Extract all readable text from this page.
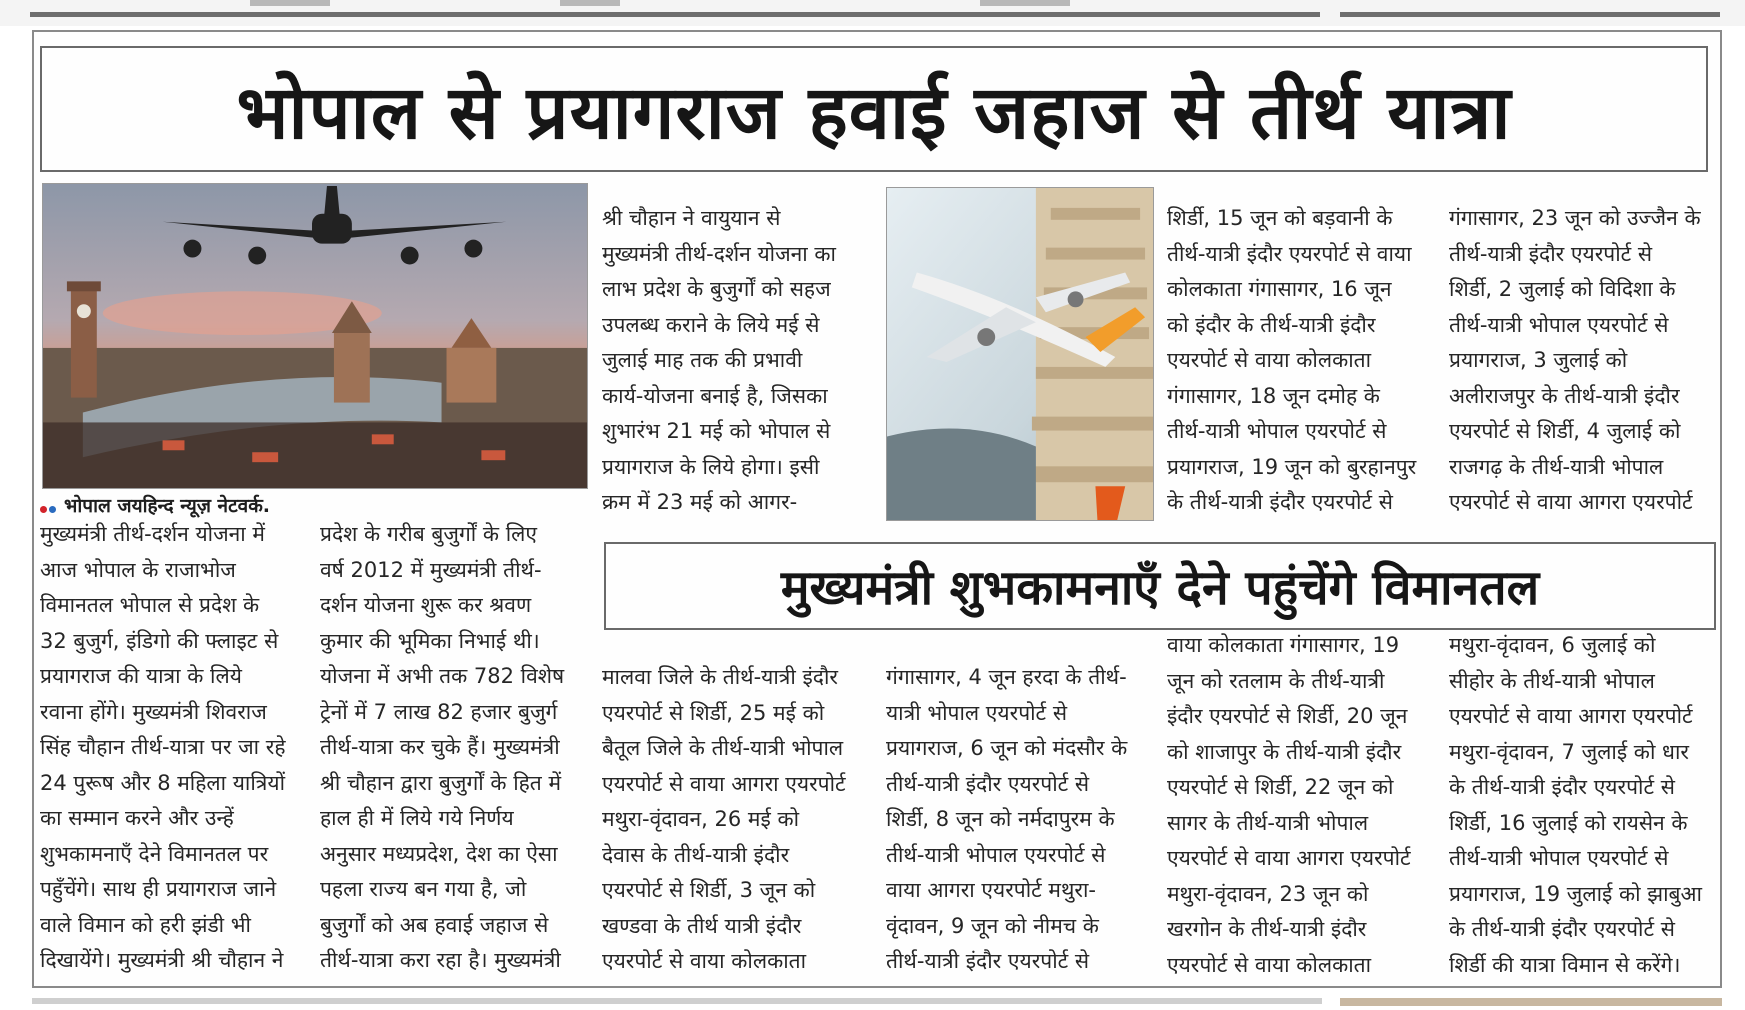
भोपाल से प्रयागराज हवाई जहाज से तीर्थ यात्रा
भोपाल जयहिन्द न्यूज़ नेटवर्क.
मुख्यमंत्री शुभकामनाएँ देने पहुंचेंगे विमानतल

मुख्यमंत्री तीर्थ-दर्शन योजना में

आज भोपाल के राजाभोज

विमानतल भोपाल से प्रदेश के

32 बुजुर्ग, इंडिगो की फ्लाइट से

प्रयागराज की यात्रा के लिये

रवाना होंगे। मुख्यमंत्री शिवराज

सिंह चौहान तीर्थ-यात्रा पर जा रहे

24 पुरूष और 8 महिला यात्रियों

का सम्मान करने और उन्हें

शुभकामनाएँ देने विमानतल पर

पहुँचेंगे। साथ ही प्रयागराज जाने

वाले विमान को हरी झंडी भी

दिखायेंगे। मुख्यमंत्री श्री चौहान ने

प्रदेश के गरीब बुजुर्गों के लिए

वर्ष 2012 में मुख्यमंत्री तीर्थ-

दर्शन योजना शुरू कर श्रवण

कुमार की भूमिका निभाई थी।

योजना में अभी तक 782 विशेष

ट्रेनों में 7 लाख 82 हजार बुजुर्ग

तीर्थ-यात्रा कर चुके हैं। मुख्यमंत्री

श्री चौहान द्वारा बुजुर्गों के हित में

हाल ही में लिये गये निर्णय

अनुसार मध्यप्रदेश, देश का ऐसा

पहला राज्य बन गया है, जो

बुजुर्गों को अब हवाई जहाज से

तीर्थ-यात्रा करा रहा है। मुख्यमंत्री

श्री चौहान ने वायुयान से

मुख्यमंत्री तीर्थ-दर्शन योजना का

लाभ प्रदेश के बुजुर्गों को सहज

उपलब्ध कराने के लिये मई से

जुलाई माह तक की प्रभावी

कार्य-योजना बनाई है, जिसका

शुभारंभ 21 मई को भोपाल से

प्रयागराज के लिये होगा। इसी

क्रम में 23 मई को आगर-

मालवा जिले के तीर्थ-यात्री इंदौर

एयरपोर्ट से शिर्डी, 25 मई को

बैतूल जिले के तीर्थ-यात्री भोपाल

एयरपोर्ट से वाया आगरा एयरपोर्ट

मथुरा-वृंदावन, 26 मई को

देवास के तीर्थ-यात्री इंदौर

एयरपोर्ट से शिर्डी, 3 जून को

खण्डवा के तीर्थ यात्री इंदौर

एयरपोर्ट से वाया कोलकाता

गंगासागर, 4 जून हरदा के तीर्थ-

यात्री भोपाल एयरपोर्ट से

प्रयागराज, 6 जून को मंदसौर के

तीर्थ-यात्री इंदौर एयरपोर्ट से

शिर्डी, 8 जून को नर्मदापुरम के

तीर्थ-यात्री भोपाल एयरपोर्ट से

वाया आगरा एयरपोर्ट मथुरा-

वृंदावन, 9 जून को नीमच के

तीर्थ-यात्री इंदौर एयरपोर्ट से

शिर्डी, 15 जून को बड़वानी के

तीर्थ-यात्री इंदौर एयरपोर्ट से वाया

कोलकाता गंगासागर, 16 जून

को इंदौर के तीर्थ-यात्री इंदौर

एयरपोर्ट से वाया कोलकाता

गंगासागर, 18 जून दमोह के

तीर्थ-यात्री भोपाल एयरपोर्ट से

प्रयागराज, 19 जून को बुरहानपुर

के तीर्थ-यात्री इंदौर एयरपोर्ट से

वाया कोलकाता गंगासागर, 19

जून को रतलाम के तीर्थ-यात्री

इंदौर एयरपोर्ट से शिर्डी, 20 जून

को शाजापुर के तीर्थ-यात्री इंदौर

एयरपोर्ट से शिर्डी, 22 जून को

सागर के तीर्थ-यात्री भोपाल

एयरपोर्ट से वाया आगरा एयरपोर्ट

मथुरा-वृंदावन, 23 जून को

खरगोन के तीर्थ-यात्री इंदौर

एयरपोर्ट से वाया कोलकाता

गंगासागर, 23 जून को उज्जैन के

तीर्थ-यात्री इंदौर एयरपोर्ट से

शिर्डी, 2 जुलाई को विदिशा के

तीर्थ-यात्री भोपाल एयरपोर्ट से

प्रयागराज, 3 जुलाई को

अलीराजपुर के तीर्थ-यात्री इंदौर

एयरपोर्ट से शिर्डी, 4 जुलाई को

राजगढ़ के तीर्थ-यात्री भोपाल

एयरपोर्ट से वाया आगरा एयरपोर्ट

मथुरा-वृंदावन, 6 जुलाई को

सीहोर के तीर्थ-यात्री भोपाल

एयरपोर्ट से वाया आगरा एयरपोर्ट

मथुरा-वृंदावन, 7 जुलाई को धार

के तीर्थ-यात्री इंदौर एयरपोर्ट से

शिर्डी, 16 जुलाई को रायसेन के

तीर्थ-यात्री भोपाल एयरपोर्ट से

प्रयागराज, 19 जुलाई को झाबुआ

के तीर्थ-यात्री इंदौर एयरपोर्ट से

शिर्डी की यात्रा विमान से करेंगे।
